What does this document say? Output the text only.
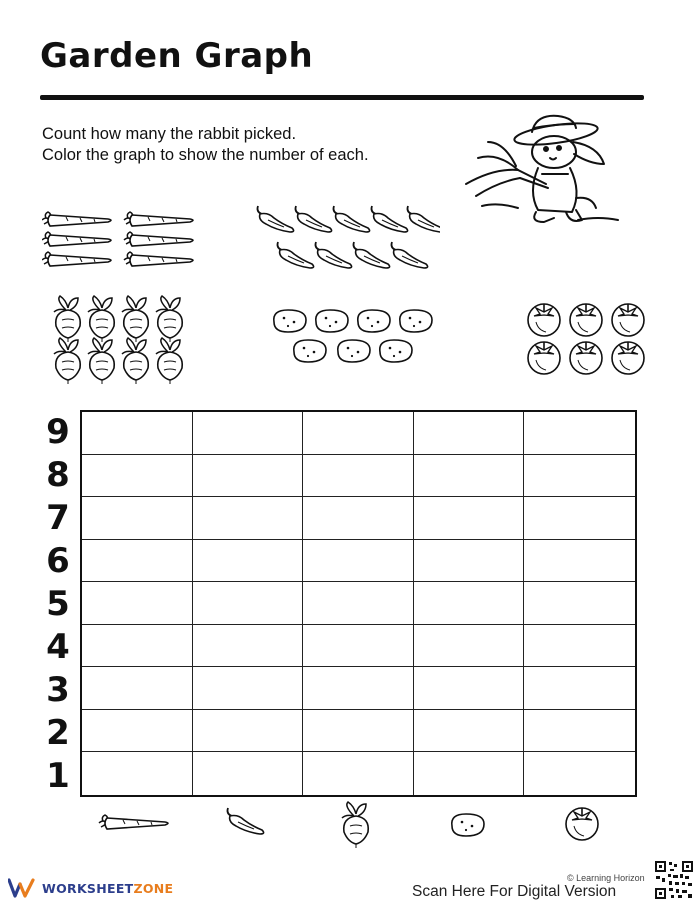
Garden Graph
Count how many the rabbit picked.
Color the graph to show the number of each.
9
8
7
6
5
4
3
2
1
WORKSHEETZONE
© Learning Horizon
Scan Here For Digital Version
